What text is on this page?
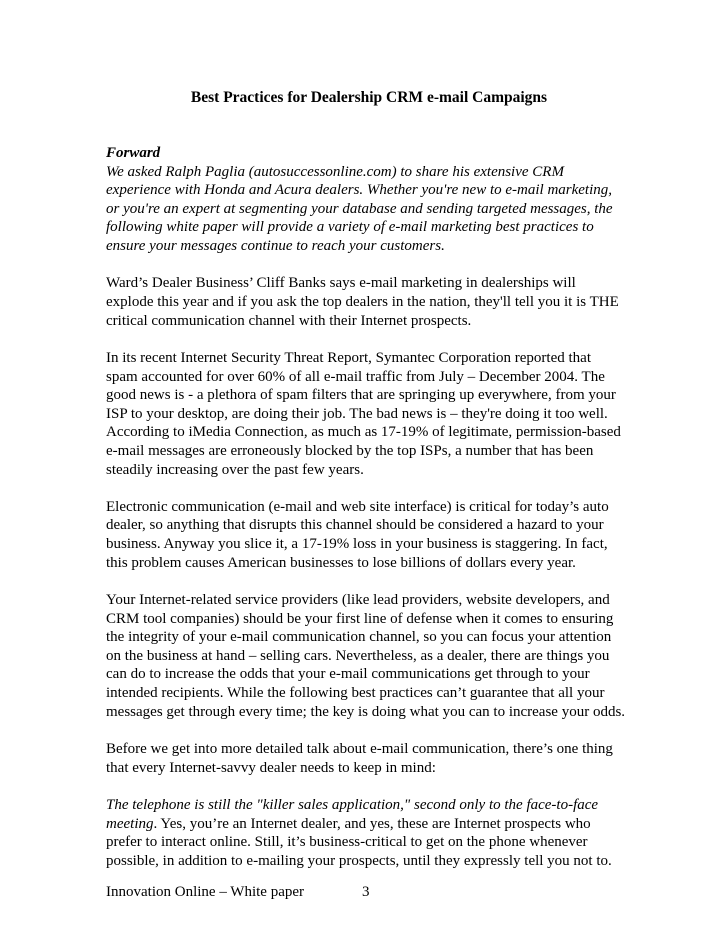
Best Practices for Dealership CRM e-mail Campaigns

Forward
We asked Ralph Paglia (autosuccessonline.com) to share his extensive CRM experience with Honda and Acura dealers. Whether you're new to e-mail marketing, or you're an expert at segmenting your database and sending targeted messages, the following white paper will provide a variety of e-mail marketing best practices to ensure your messages continue to reach your customers.

Ward’s Dealer Business’ Cliff Banks says e-mail marketing in dealerships will explode this year and if you ask the top dealers in the nation, they'll tell you it is THE critical communication channel with their Internet prospects.

In its recent Internet Security Threat Report, Symantec Corporation reported that spam accounted for over 60% of all e-mail traffic from July – December 2004. The good news is - a plethora of spam filters that are springing up everywhere, from your ISP to your desktop, are doing their job. The bad news is – they're doing it too well.

According to iMedia Connection, as much as 17-19% of legitimate, permission-based e-mail messages are erroneously blocked by the top ISPs, a number that has been steadily increasing over the past few years.

Electronic communication (e-mail and web site interface) is critical for today’s auto dealer, so anything that disrupts this channel should be considered a hazard to your business. Anyway you slice it, a 17-19% loss in your business is staggering. In fact, this problem causes American businesses to lose billions of dollars every year.

Your Internet-related service providers (like lead providers, website developers, and CRM tool companies) should be your first line of defense when it comes to ensuring the integrity of your e-mail communication channel, so you can focus your attention on the business at hand – selling cars. Nevertheless, as a dealer, there are things you can do to increase the odds that your e-mail communications get through to your intended recipients. While the following best practices can’t guarantee that all your messages get through every time; the key is doing what you can to increase your odds.

Before we get into more detailed talk about e-mail communication, there’s one thing that every Internet-savvy dealer needs to keep in mind:

The telephone is still the "killer sales application," second only to the face-to-face meeting. Yes, you’re an Internet dealer, and yes, these are Internet prospects who prefer to interact online. Still, it’s business-critical to get on the phone whenever possible, in addition to e-mailing your prospects, until they expressly tell you not to.

Innovation Online – White paper	3
